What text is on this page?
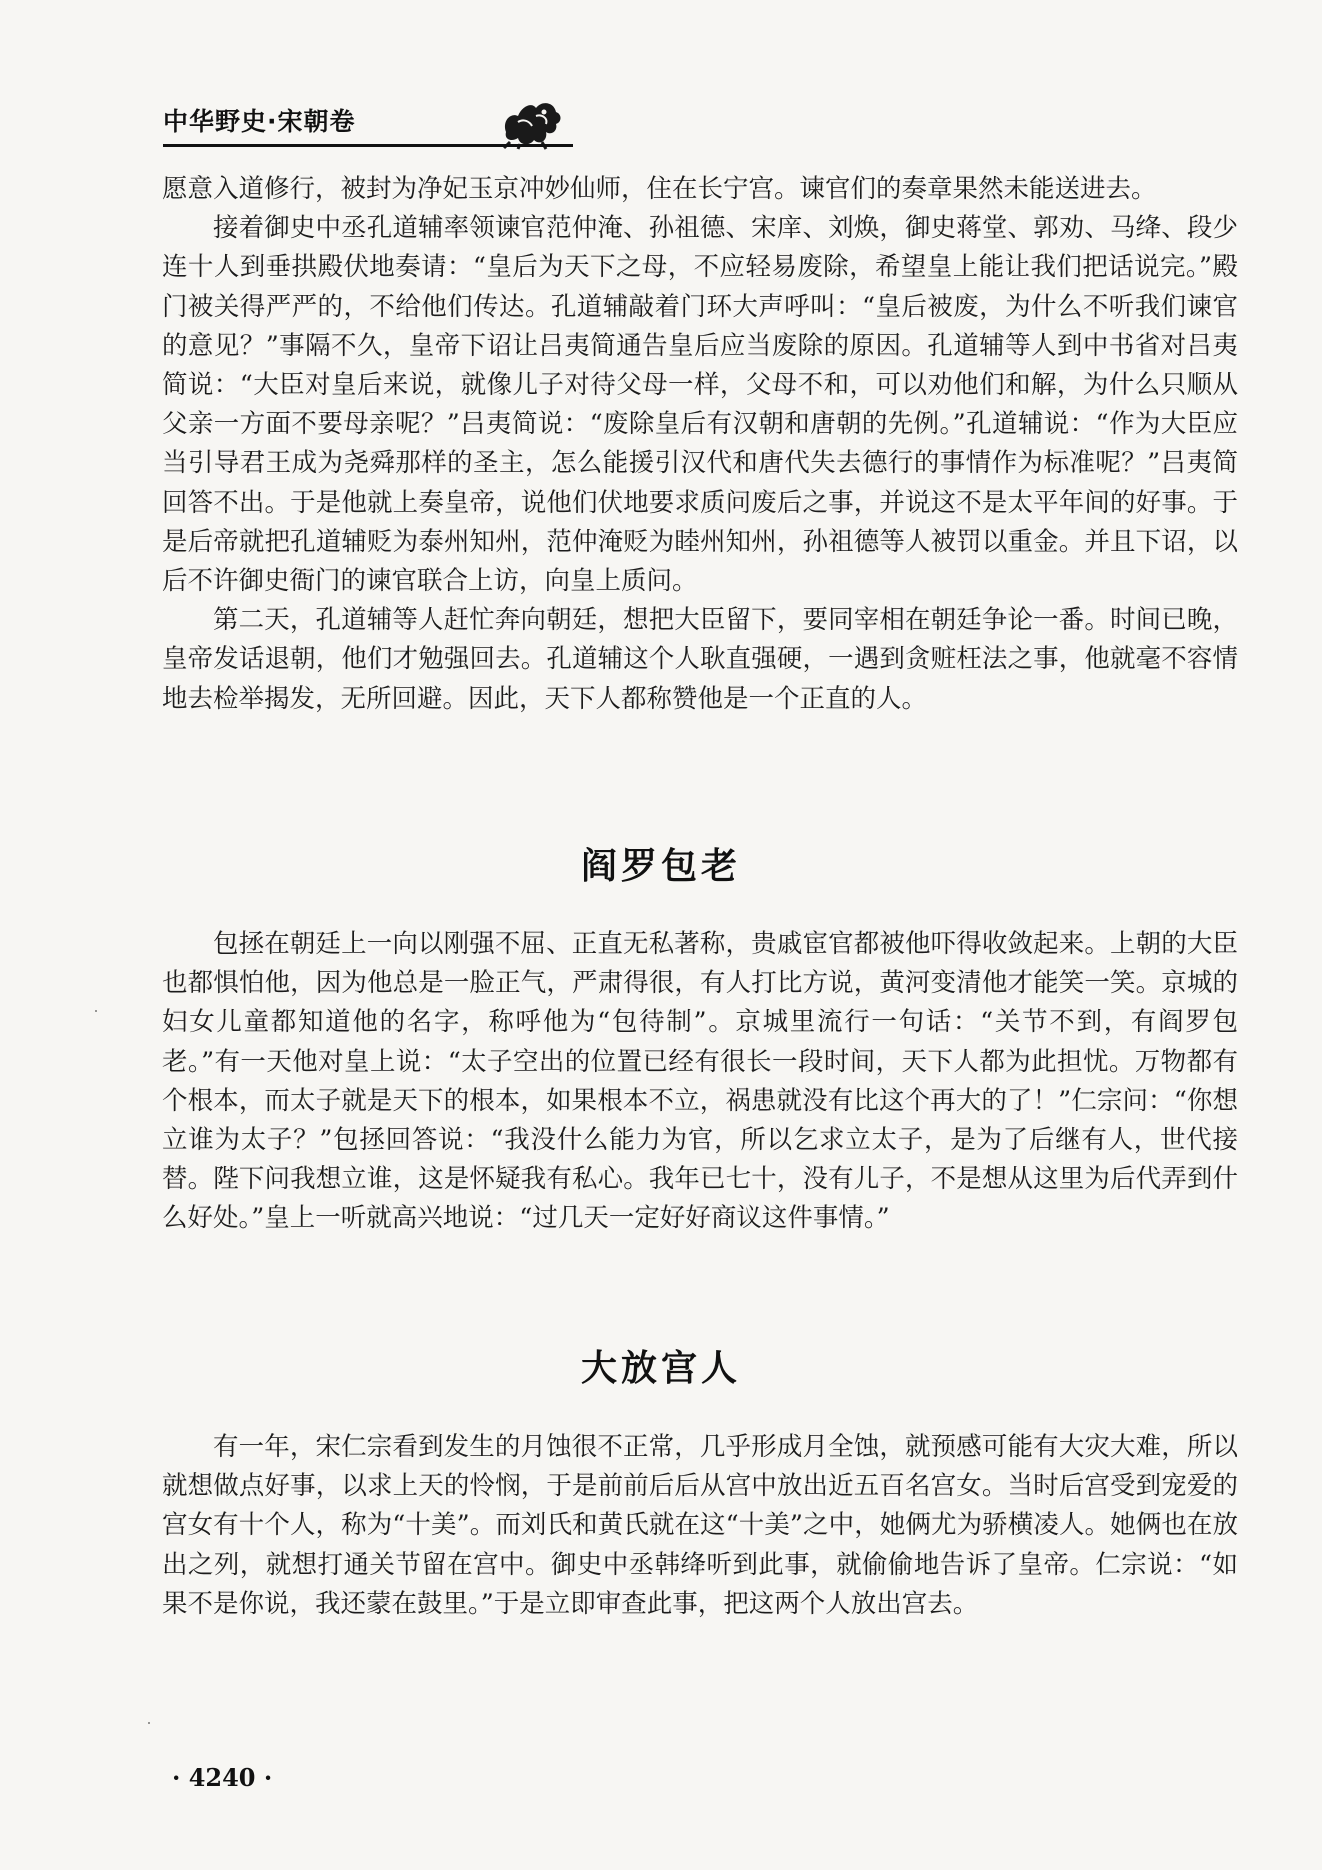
中华野史·宋朝卷

愿意入道修行，被封为净妃玉京冲妙仙师，住在长宁宫。谏官们的奏章果然未能送进去。

接着御史中丞孔道辅率领谏官范仲淹、孙祖德、宋庠、刘焕，御史蒋堂、郭劝、马绛、段少连十人到垂拱殿伏地奏请：“皇后为天下之母，不应轻易废除，希望皇上能让我们把话说完。”殿门被关得严严的，不给他们传达。孔道辅敲着门环大声呼叫：“皇后被废，为什么不听我们谏官的意见？”事隔不久，皇帝下诏让吕夷简通告皇后应当废除的原因。孔道辅等人到中书省对吕夷简说：“大臣对皇后来说，就像儿子对待父母一样，父母不和，可以劝他们和解，为什么只顺从父亲一方面不要母亲呢？”吕夷简说：“废除皇后有汉朝和唐朝的先例。”孔道辅说：“作为大臣应当引导君王成为尧舜那样的圣主，怎么能援引汉代和唐代失去德行的事情作为标准呢？”吕夷简回答不出。于是他就上奏皇帝，说他们伏地要求质问废后之事，并说这不是太平年间的好事。于是后帝就把孔道辅贬为泰州知州，范仲淹贬为睦州知州，孙祖德等人被罚以重金。并且下诏，以后不许御史衙门的谏官联合上访，向皇上质问。

第二天，孔道辅等人赶忙奔向朝廷，想把大臣留下，要同宰相在朝廷争论一番。时间已晚，皇帝发话退朝，他们才勉强回去。孔道辅这个人耿直强硬，一遇到贪赃枉法之事，他就毫不容情地去检举揭发，无所回避。因此，天下人都称赞他是一个正直的人。

阎罗包老

包拯在朝廷上一向以刚强不屈、正直无私著称，贵戚宦官都被他吓得收敛起来。上朝的大臣也都惧怕他，因为他总是一脸正气，严肃得很，有人打比方说，黄河变清他才能笑一笑。京城的妇女儿童都知道他的名字，称呼他为“包待制”。京城里流行一句话：“关节不到，有阎罗包老。”有一天他对皇上说：“太子空出的位置已经有很长一段时间，天下人都为此担忧。万物都有个根本，而太子就是天下的根本，如果根本不立，祸患就没有比这个再大的了！”仁宗问：“你想立谁为太子？”包拯回答说：“我没什么能力为官，所以乞求立太子，是为了后继有人，世代接替。陛下问我想立谁，这是怀疑我有私心。我年已七十，没有儿子，不是想从这里为后代弄到什么好处。”皇上一听就高兴地说：“过几天一定好好商议这件事情。”

大放宫人

有一年，宋仁宗看到发生的月蚀很不正常，几乎形成月全蚀，就预感可能有大灾大难，所以就想做点好事，以求上天的怜悯，于是前前后后从宫中放出近五百名宫女。当时后宫受到宠爱的宫女有十个人，称为“十美”。而刘氏和黄氏就在这“十美”之中，她俩尤为骄横凌人。她俩也在放出之列，就想打通关节留在宫中。御史中丞韩绛听到此事，就偷偷地告诉了皇帝。仁宗说：“如果不是你说，我还蒙在鼓里。”于是立即审查此事，把这两个人放出宫去。

· 4240 ·
